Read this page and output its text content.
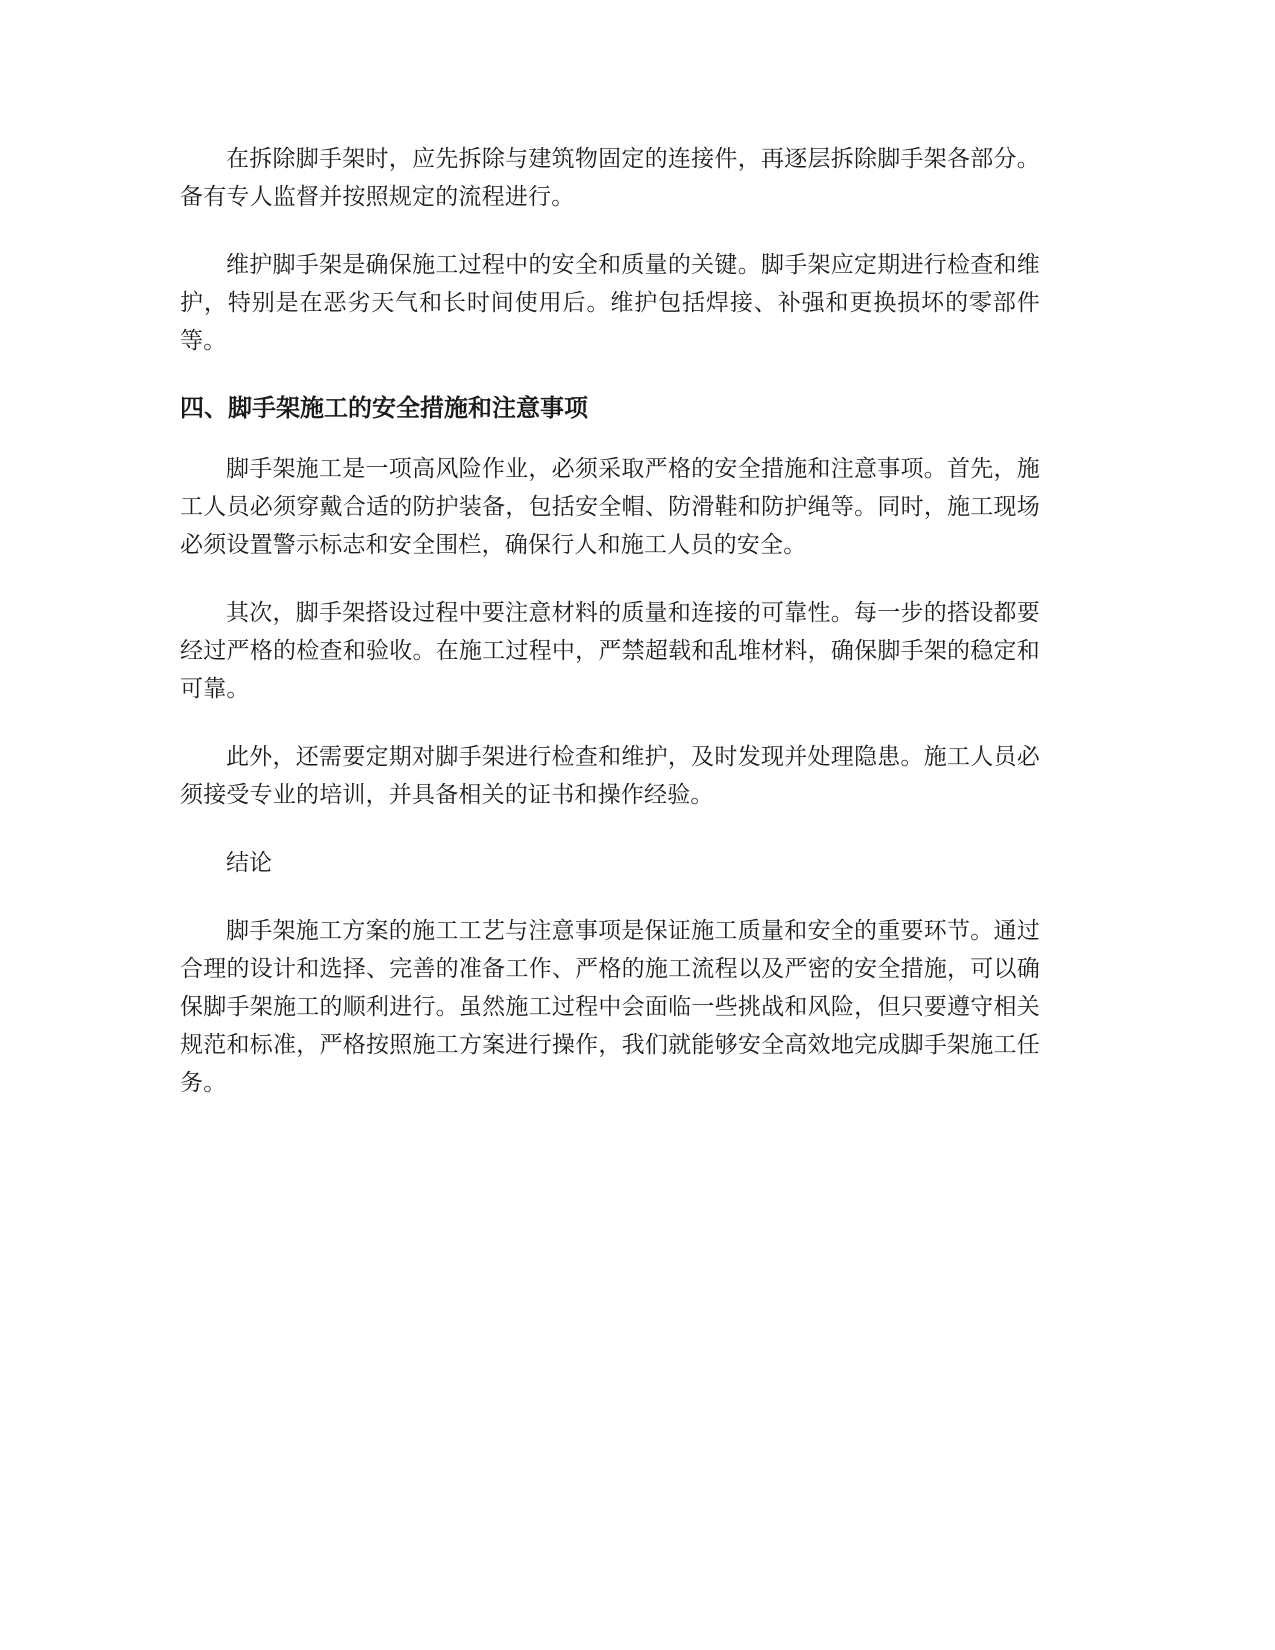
在拆除脚手架时，应先拆除与建筑物固定的连接件，再逐层拆除脚手架各部分。备有专人监督并按照规定的流程进行。

维护脚手架是确保施工过程中的安全和质量的关键。脚手架应定期进行检查和维护，特别是在恶劣天气和长时间使用后。维护包括焊接、补强和更换损坏的零部件等。

四、脚手架施工的安全措施和注意事项

脚手架施工是一项高风险作业，必须采取严格的安全措施和注意事项。首先，施工人员必须穿戴合适的防护装备，包括安全帽、防滑鞋和防护绳等。同时，施工现场必须设置警示标志和安全围栏，确保行人和施工人员的安全。

其次，脚手架搭设过程中要注意材料的质量和连接的可靠性。每一步的搭设都要经过严格的检查和验收。在施工过程中，严禁超载和乱堆材料，确保脚手架的稳定和可靠。

此外，还需要定期对脚手架进行检查和维护，及时发现并处理隐患。施工人员必须接受专业的培训，并具备相关的证书和操作经验。

结论

脚手架施工方案的施工工艺与注意事项是保证施工质量和安全的重要环节。通过合理的设计和选择、完善的准备工作、严格的施工流程以及严密的安全措施，可以确保脚手架施工的顺利进行。虽然施工过程中会面临一些挑战和风险，但只要遵守相关规范和标准，严格按照施工方案进行操作，我们就能够安全高效地完成脚手架施工任务。
